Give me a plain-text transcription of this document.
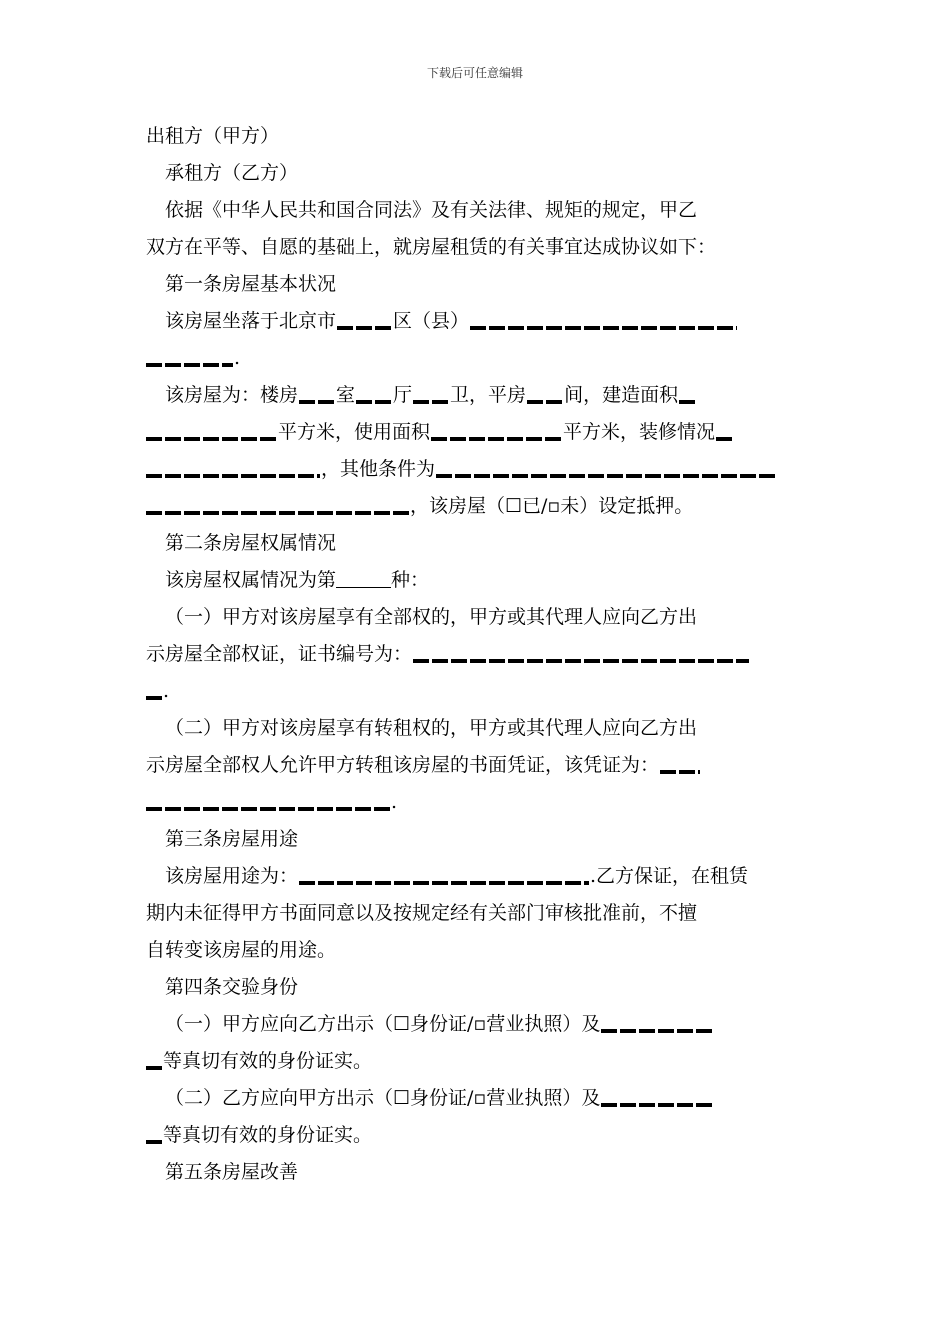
下载后可任意编辑
出租方（甲方）
承租方（乙方）
依据《中华人民共和国合同法》及有关法律、规矩的规定，甲乙
双方在平等、自愿的基础上，就房屋租赁的有关事宜达成协议如下：
第一条房屋基本状况
该房屋坐落于北京市	区（县）
.
该房屋为：楼房 室 厅 卫，平房 间，建造面积
平方米，使用面积	平方米，装修情况
，其他条件为
，该房屋（☐已/▫未）设定抵押。
第二条房屋权属情况
该房屋权属情况为第	种：
（一）甲方对该房屋享有全部权的，甲方或其代理人应向乙方出
示房屋全部权证，证书编号为：
.
（二）甲方对该房屋享有转租权的，甲方或其代理人应向乙方出
示房屋全部权人允许甲方转租该房屋的书面凭证，该凭证为：
.
第三条房屋用途
该房屋用途为：	.乙方保证，在租赁
期内未征得甲方书面同意以及按规定经有关部门审核批准前，不擅
自转变该房屋的用途。
第四条交验身份
（一）甲方应向乙方出示（☐身份证/▫营业执照）及
等真切有效的身份证实。
（二）乙方应向甲方出示（☐身份证/▫营业执照）及
等真切有效的身份证实。
第五条房屋改善
